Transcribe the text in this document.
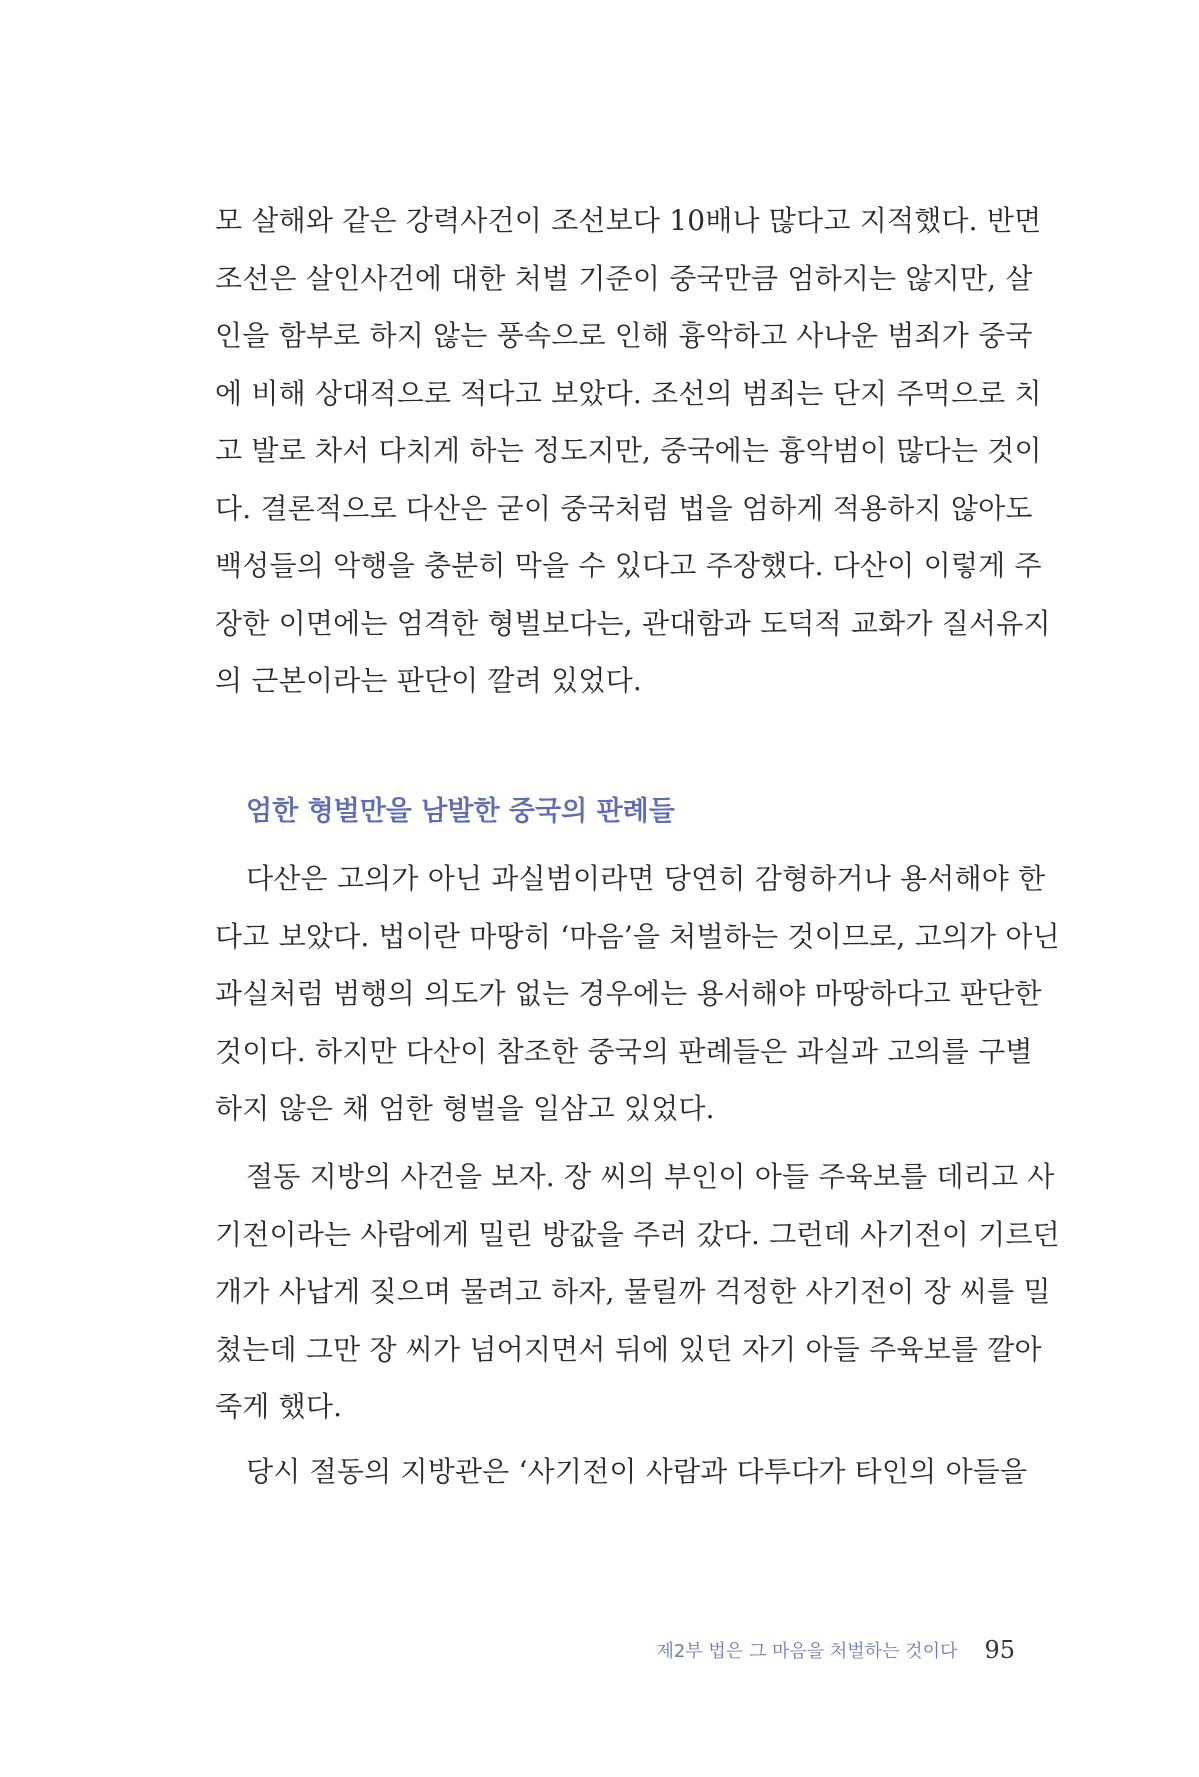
모 살해와 같은 강력사건이 조선보다 10배나 많다고 지적했다. 반면
조선은 살인사건에 대한 처벌 기준이 중국만큼 엄하지는 않지만, 살
인을 함부로 하지 않는 풍속으로 인해 흉악하고 사나운 범죄가 중국
에 비해 상대적으로 적다고 보았다. 조선의 범죄는 단지 주먹으로 치
고 발로 차서 다치게 하는 정도지만, 중국에는 흉악범이 많다는 것이
다. 결론적으로 다산은 굳이 중국처럼 법을 엄하게 적용하지 않아도
백성들의 악행을 충분히 막을 수 있다고 주장했다. 다산이 이렇게 주
장한 이면에는 엄격한 형벌보다는, 관대함과 도덕적 교화가 질서유지
의 근본이라는 판단이 깔려 있었다.
엄한 형벌만을 남발한 중국의 판례들
다산은 고의가 아닌 과실범이라면 당연히 감형하거나 용서해야 한
다고 보았다. 법이란 마땅히 ‘마음’을 처벌하는 것이므로, 고의가 아닌
과실처럼 범행의 의도가 없는 경우에는 용서해야 마땅하다고 판단한
것이다. 하지만 다산이 참조한 중국의 판례들은 과실과 고의를 구별
하지 않은 채 엄한 형벌을 일삼고 있었다.
절동 지방의 사건을 보자. 장 씨의 부인이 아들 주육보를 데리고 사
기전이라는 사람에게 밀린 방값을 주러 갔다. 그런데 사기전이 기르던
개가 사납게 짖으며 물려고 하자, 물릴까 걱정한 사기전이 장 씨를 밀
쳤는데 그만 장 씨가 넘어지면서 뒤에 있던 자기 아들 주육보를 깔아
죽게 했다.
당시 절동의 지방관은 ‘사기전이 사람과 다투다가 타인의 아들을
제2부 법은 그 마음을 처벌하는 것이다 95
